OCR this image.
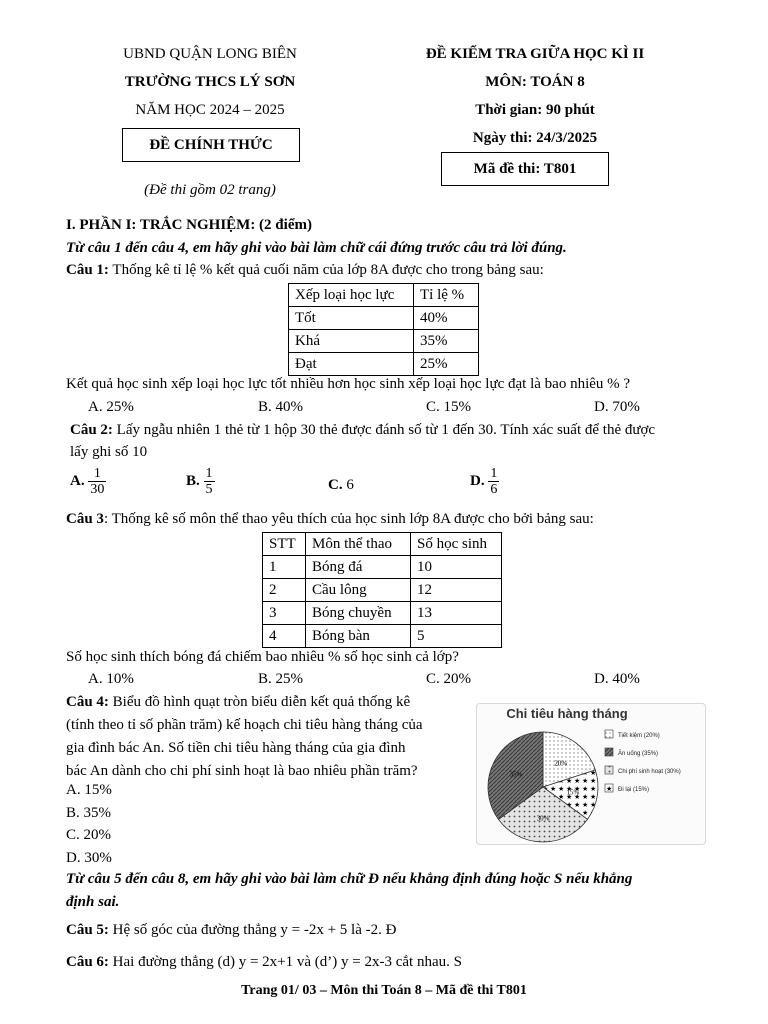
UBND QUẬN LONG BIÊN
TRƯỜNG THCS LÝ SƠN
NĂM HỌC 2024 – 2025
ĐỀ CHÍNH THỨC
(Đề thi gồm 02 trang)
ĐỀ KIỂM TRA GIỮA HỌC KÌ II
MÔN: TOÁN 8
Thời gian: 90 phút
Ngày thi: 24/3/2025
Mã đề thi: T801
I. PHẦN I: TRẮC NGHIỆM: (2 điểm)
Từ câu 1 đến câu 4, em hãy ghi vào bài làm chữ cái đứng trước câu trả lời đúng.
Câu 1: Thống kê tỉ lệ % kết quả cuối năm của lớp 8A được cho trong bảng sau:
Xếp loại học lực	Tỉ lệ %
Tốt	40%
Khá	35%
Đạt	25%
Kết quả học sinh xếp loại học lực tốt nhiều hơn học sinh xếp loại học lực đạt là bao nhiêu % ?
A. 25%	B. 40%	C. 15%	D. 70%
Câu 2: Lấy ngẫu nhiên 1 thẻ từ 1 hộp 30 thẻ được đánh số từ 1 đến 30. Tính xác suất để thẻ được
lấy ghi số 10
A. $\frac{1}{30}$	B. $\frac{1}{5}$	C. 6	D. $\frac{1}{6}$
Câu 3: Thống kê số môn thể thao yêu thích của học sinh lớp 8A được cho bởi bảng sau:
STT	Môn thể thao	Số học sinh
1	Bóng đá	10
2	Cầu lông	12
3	Bóng chuyền	13
4	Bóng bàn	5
Số học sinh thích bóng đá chiếm bao nhiêu % số học sinh cả lớp?
A. 10%	B. 25%	C. 20%	D. 40%
Câu 4: Biểu đồ hình quạt tròn biểu diễn kết quả thống kê
(tính theo tỉ số phần trăm) kế hoạch chi tiêu hàng tháng của
gia đình bác An. Số tiền chi tiêu hàng tháng của gia đình
bác An dành cho chi phí sinh hoạt là bao nhiêu phần trăm?
A. 15%
B. 35%
C. 20%
D. 30%
Chi tiêu hàng tháng
20%
15%
30%
35%
Tiết kiệm (20%)
Ăn uống (35%)
Chi phí sinh hoạt (30%)
Đi lại (15%)
Từ câu 5 đến câu 8, em hãy ghi vào bài làm chữ Đ nếu khẳng định đúng hoặc S nếu khẳng
định sai.
Câu 5: Hệ số góc của đường thẳng y = -2x + 5 là -2. Đ
Câu 6: Hai đường thẳng (d) y = 2x+1 và (d’) y = 2x-3 cắt nhau. S
Trang 01/ 03 – Môn thi Toán 8 – Mã đề thi T801
